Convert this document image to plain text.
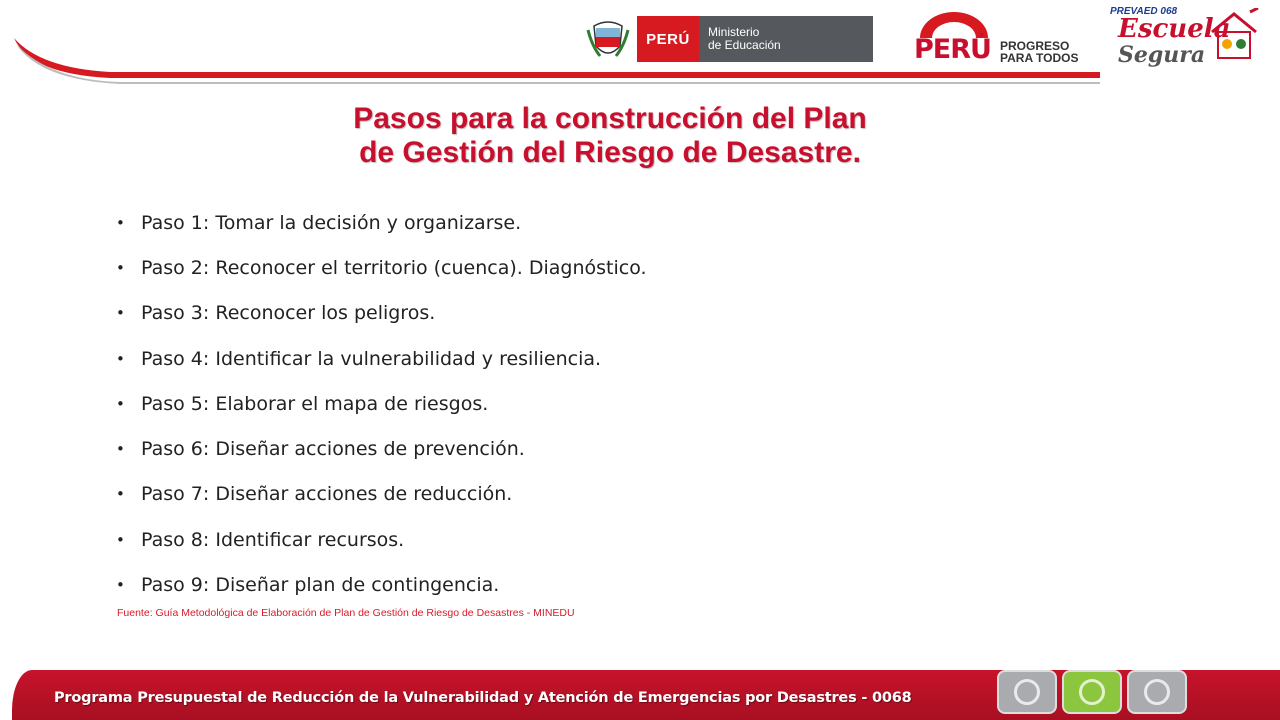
PERÚ	Ministerio
de Educación	PERÚ PROGRESO
PARA TODOS
Escuela
Segura
PREVAED 068
Pasos para la construcción del Plan
de Gestión del Riesgo de Desastre.
• Paso 1: Tomar la decisión y organizarse.
• Paso 2: Reconocer el territorio (cuenca). Diagnóstico.
• Paso 3: Reconocer los peligros.
• Paso 4: Identificar la vulnerabilidad y resiliencia.
• Paso 5: Elaborar el mapa de riesgos.
• Paso 6: Diseñar acciones de prevención.
• Paso 7: Diseñar acciones de reducción.
• Paso 8: Identificar recursos.
• Paso 9: Diseñar plan de contingencia.
Fuente: Guía Metodológica de Elaboración de Plan de Gestión de Riesgo de Desastres - MINEDU
Programa Presupuestal de Reducción de la Vulnerabilidad y Atención de Emergencias por Desastres - 0068
